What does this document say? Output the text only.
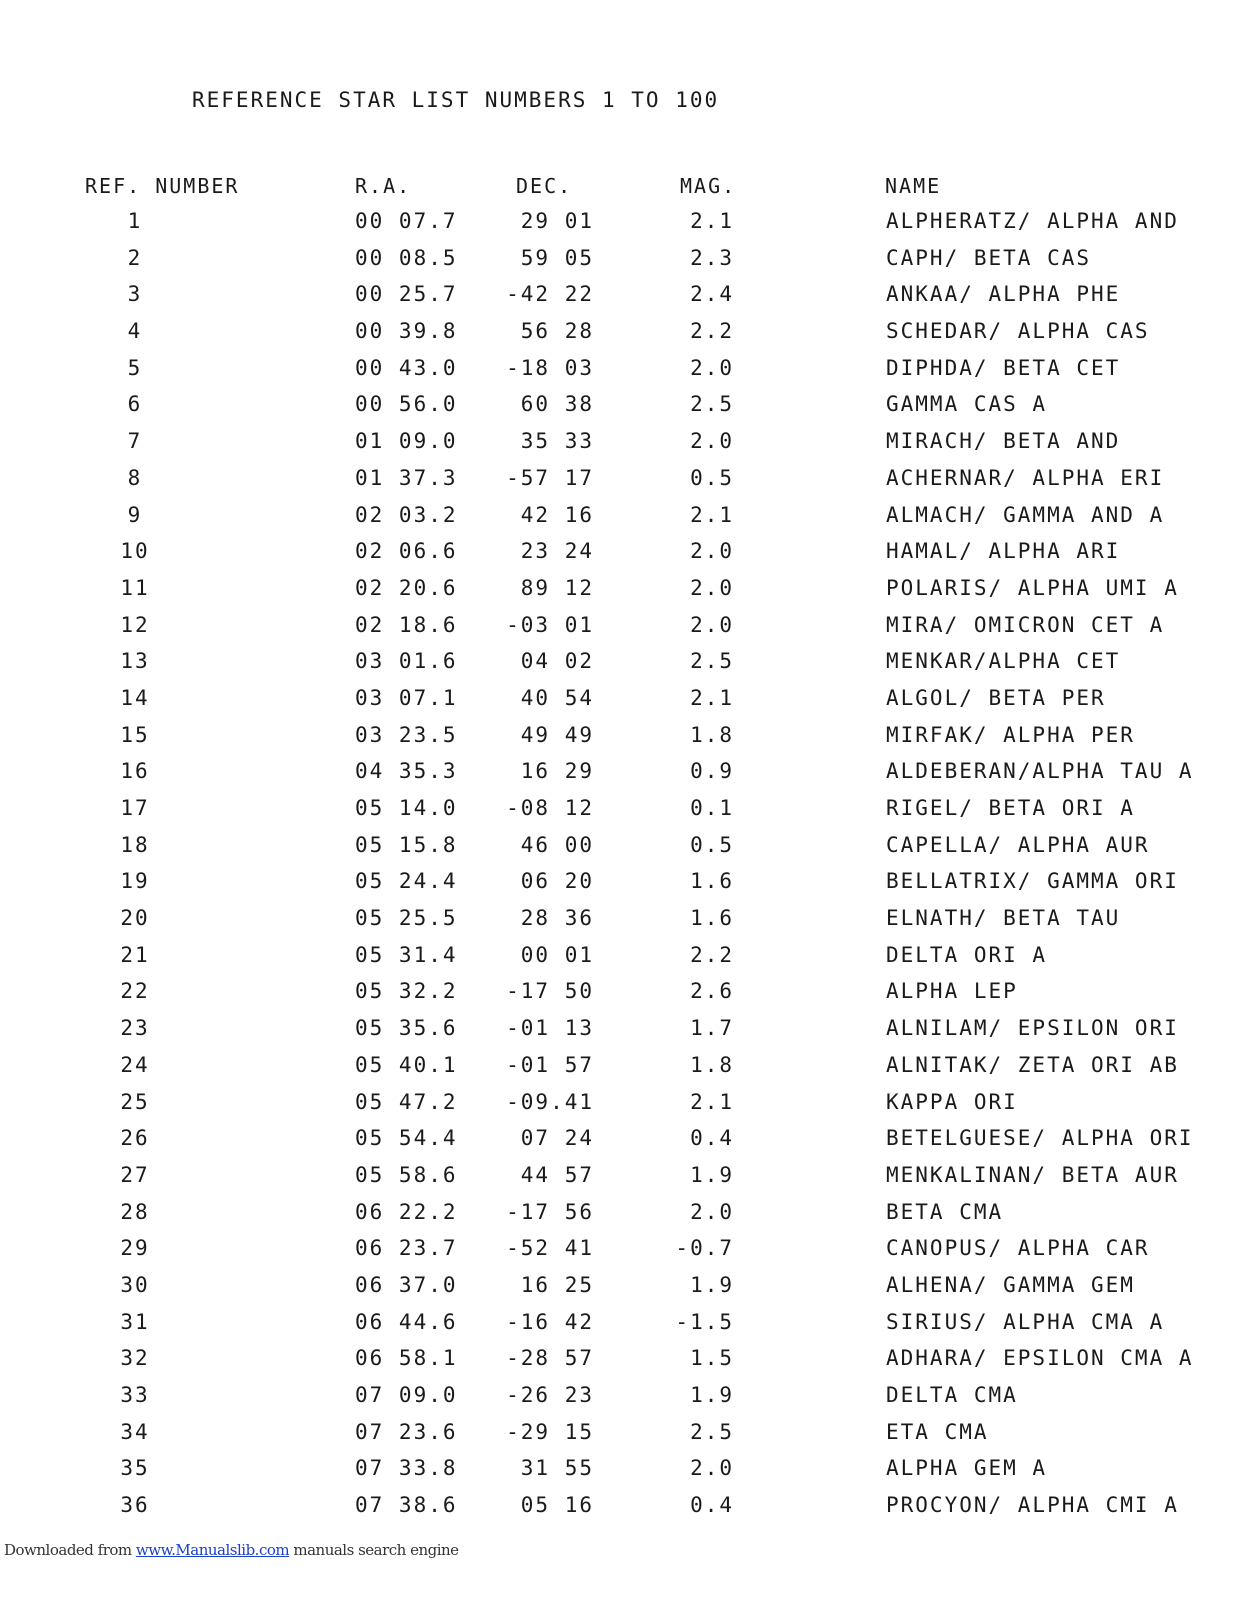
REFERENCE STAR LIST NUMBERS 1 TO 100
REF. NUMBER	R.A.	DEC.	MAG.	NAME
1	00 07.7	29 01	2.1	ALPHERATZ/ ALPHA AND
2	00 08.5	59 05	2.3	CAPH/ BETA CAS
3	00 25.7	-42 22	2.4	ANKAA/ ALPHA PHE
4	00 39.8	56 28	2.2	SCHEDAR/ ALPHA CAS
5	00 43.0	-18 03	2.0	DIPHDA/ BETA CET
6	00 56.0	60 38	2.5	GAMMA CAS A
7	01 09.0	35 33	2.0	MIRACH/ BETA AND
8	01 37.3	-57 17	0.5	ACHERNAR/ ALPHA ERI
9	02 03.2	42 16	2.1	ALMACH/ GAMMA AND A
10	02 06.6	23 24	2.0	HAMAL/ ALPHA ARI
11	02 20.6	89 12	2.0	POLARIS/ ALPHA UMI A
12	02 18.6	-03 01	2.0	MIRA/ OMICRON CET A
13	03 01.6	04 02	2.5	MENKAR/ALPHA CET
14	03 07.1	40 54	2.1	ALGOL/ BETA PER
15	03 23.5	49 49	1.8	MIRFAK/ ALPHA PER
16	04 35.3	16 29	0.9	ALDEBERAN/ALPHA TAU A
17	05 14.0	-08 12	0.1	RIGEL/ BETA ORI A
18	05 15.8	46 00	0.5	CAPELLA/ ALPHA AUR
19	05 24.4	06 20	1.6	BELLATRIX/ GAMMA ORI
20	05 25.5	28 36	1.6	ELNATH/ BETA TAU
21	05 31.4	00 01	2.2	DELTA ORI A
22	05 32.2	-17 50	2.6	ALPHA LEP
23	05 35.6	-01 13	1.7	ALNILAM/ EPSILON ORI
24	05 40.1	-01 57	1.8	ALNITAK/ ZETA ORI AB
25	05 47.2	-09.41	2.1	KAPPA ORI
26	05 54.4	07 24	0.4	BETELGUESE/ ALPHA ORI
27	05 58.6	44 57	1.9	MENKALINAN/ BETA AUR
28	06 22.2	-17 56	2.0	BETA CMA
29	06 23.7	-52 41	-0.7	CANOPUS/ ALPHA CAR
30	06 37.0	16 25	1.9	ALHENA/ GAMMA GEM
31	06 44.6	-16 42	-1.5	SIRIUS/ ALPHA CMA A
32	06 58.1	-28 57	1.5	ADHARA/ EPSILON CMA A
33	07 09.0	-26 23	1.9	DELTA CMA
34	07 23.6	-29 15	2.5	ETA CMA
35	07 33.8	31 55	2.0	ALPHA GEM A
36	07 38.6	05 16	0.4	PROCYON/ ALPHA CMI A
Downloaded from www.Manualslib.com manuals search engine
